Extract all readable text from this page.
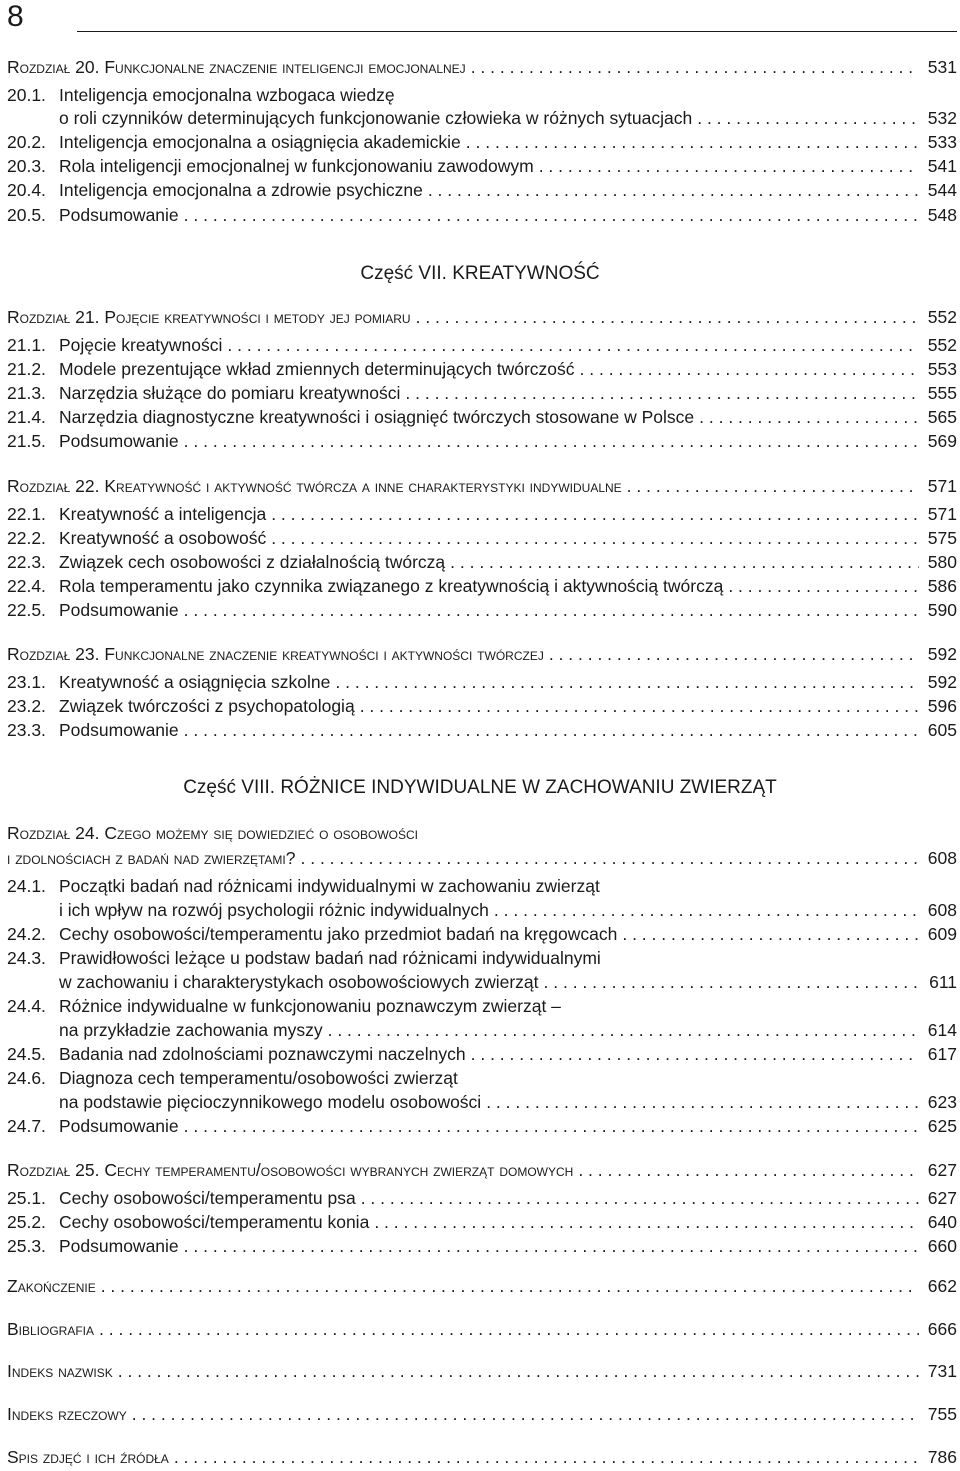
8
Rozdział 20. Funkcjonalne znaczenie inteligencji emocjonalnej . . .	531
20.1. Inteligencja emocjonalna wzbogaca wiedzę
o roli czynników determinujących funkcjonowanie człowieka w różnych sytuacjach . . .	532
20.2. Inteligencja emocjonalna a osiągnięcia akademickie . . .	533
20.3. Rola inteligencji emocjonalnej w funkcjonowaniu zawodowym . . .	541
20.4. Inteligencja emocjonalna a zdrowie psychiczne . . .	544
20.5. Podsumowanie . . .	548
Część VII. KREATYWNOŚĆ
Rozdział 21. Pojęcie kreatywności i metody jej pomiaru . . .	552
21.1. Pojęcie kreatywności . . .	552
21.2. Modele prezentujące wkład zmiennych determinujących twórczość . . .	553
21.3. Narzędzia służące do pomiaru kreatywności . . .	555
21.4. Narzędzia diagnostyczne kreatywności i osiągnięć twórczych stosowane w Polsce . . .	565
21.5. Podsumowanie . . .	569
Rozdział 22. Kreatywność i aktywność twórcza a inne charakterystyki indywidualne . . .	571
22.1. Kreatywność a inteligencja . . .	571
22.2. Kreatywność a osobowość . . .	575
22.3. Związek cech osobowości z działalnością twórczą . . .	580
22.4. Rola temperamentu jako czynnika związanego z kreatywnością i aktywnością twórczą . . .	586
22.5. Podsumowanie . . .	590
Rozdział 23. Funkcjonalne znaczenie kreatywności i aktywności twórczej . . .	592
23.1. Kreatywność a osiągnięcia szkolne . . .	592
23.2. Związek twórczości z psychopatologią . . .	596
23.3. Podsumowanie . . .	605
Część VIII. RÓŻNICE INDYWIDUALNE W ZACHOWANIU ZWIERZĄT
Rozdział 24. Czego możemy się dowiedzieć o osobowości
i zdolnościach z badań nad zwierzętami? . . .	608
24.1. Początki badań nad różnicami indywidualnymi w zachowaniu zwierząt
i ich wpływ na rozwój psychologii różnic indywidualnych . . .	608
24.2. Cechy osobowości/temperamentu jako przedmiot badań na kręgowcach . . .	609
24.3. Prawidłowości leżące u podstaw badań nad różnicami indywidualnymi
w zachowaniu i charakterystykach osobowościowych zwierząt . . .	611
24.4. Różnice indywidualne w funkcjonowaniu poznawczym zwierząt –
na przykładzie zachowania myszy . . .	614
24.5. Badania nad zdolnościami poznawczymi naczelnych . . .	617
24.6. Diagnoza cech temperamentu/osobowości zwierząt
na podstawie pięcioczynnikowego modelu osobowości . . .	623
24.7. Podsumowanie . . .	625
Rozdział 25. Cechy temperamentu/osobowości wybranych zwierząt domowych . . .	627
25.1. Cechy osobowości/temperamentu psa . . .	627
25.2. Cechy osobowości/temperamentu konia . . .	640
25.3. Podsumowanie . . .	660
Zakończenie . . .	662
Bibliografia . . .	666
Indeks nazwisk . . .	731
Indeks rzeczowy . . .	755
Spis zdjęć i ich źródła . . .	786
